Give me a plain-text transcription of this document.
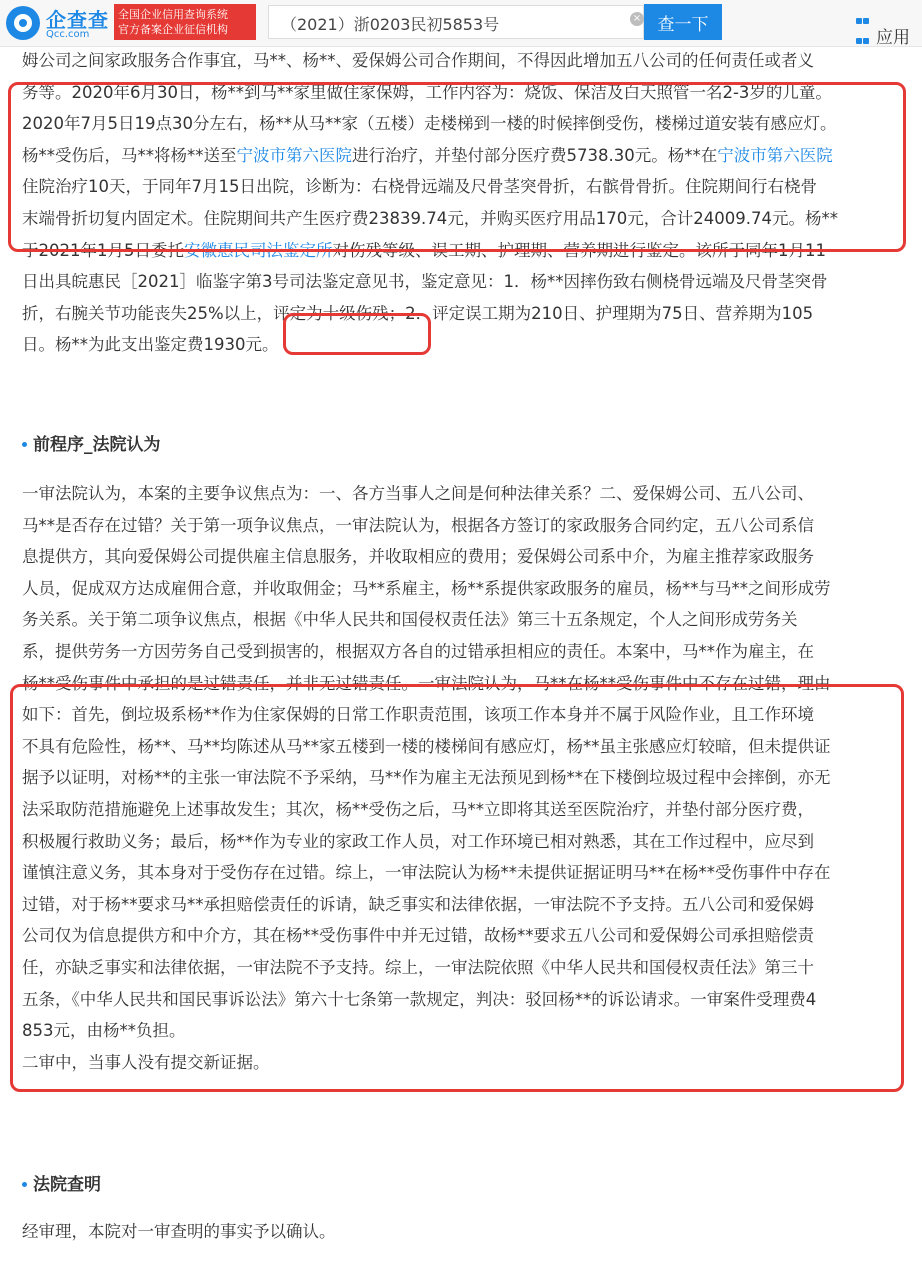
企查查
Qcc.com
全国企业信用查询系统
官方备案企业征信机构
（2021）浙0203民初5853号
× 查一下

应用
姆公司之间家政服务合作事宜，马**、杨**、爱保姆公司合作期间，不得因此增加五八公司的任何责任或者义
务等。2020年6月30日，杨**到马**家里做住家保姆，工作内容为：烧饭、保洁及白天照管一名2-3岁的儿童。
2020年7月5日19点30分左右，杨**从马**家（五楼）走楼梯到一楼的时候摔倒受伤，楼梯过道安装有感应灯。
杨**受伤后，马**将杨**送至宁波市第六医院进行治疗，并垫付部分医疗费5738.30元。杨**在宁波市第六医院
住院治疗10天，于同年7月15日出院，诊断为：右桡骨远端及尺骨茎突骨折，右髌骨骨折。住院期间行右桡骨
末端骨折切复内固定术。住院期间共产生医疗费23839.74元，并购买医疗用品170元，合计24009.74元。杨**
于2021年1月5日委托安徽惠民司法鉴定所对伤残等级、误工期、护理期、营养期进行鉴定。该所于同年1月11
日出具皖惠民［2021］临鉴字第3号司法鉴定意见书，鉴定意见：1．杨**因摔伤致右侧桡骨远端及尺骨茎突骨
折，右腕关节功能丧失25%以上，评定为十级伤残；2．评定误工期为210日、护理期为75日、营养期为105
日。杨**为此支出鉴定费1930元。
前程序_法院认为
一审法院认为，本案的主要争议焦点为：一、各方当事人之间是何种法律关系？二、爱保姆公司、五八公司、
马**是否存在过错？关于第一项争议焦点，一审法院认为，根据各方签订的家政服务合同约定，五八公司系信
息提供方，其向爱保姆公司提供雇主信息服务，并收取相应的费用；爱保姆公司系中介，为雇主推荐家政服务
人员，促成双方达成雇佣合意，并收取佣金；马**系雇主，杨**系提供家政服务的雇员，杨**与马**之间形成劳
务关系。关于第二项争议焦点，根据《中华人民共和国侵权责任法》第三十五条规定，个人之间形成劳务关
系，提供劳务一方因劳务自己受到损害的，根据双方各自的过错承担相应的责任。本案中，马**作为雇主，在
杨**受伤事件中承担的是过错责任，并非无过错责任。一审法院认为，马**在杨**受伤事件中不存在过错，理由
如下：首先，倒垃圾系杨**作为住家保姆的日常工作职责范围，该项工作本身并不属于风险作业，且工作环境
不具有危险性，杨**、马**均陈述从马**家五楼到一楼的楼梯间有感应灯，杨**虽主张感应灯较暗，但未提供证
据予以证明，对杨**的主张一审法院不予采纳，马**作为雇主无法预见到杨**在下楼倒垃圾过程中会摔倒，亦无
法采取防范措施避免上述事故发生；其次，杨**受伤之后，马**立即将其送至医院治疗，并垫付部分医疗费，
积极履行救助义务；最后，杨**作为专业的家政工作人员，对工作环境已相对熟悉，其在工作过程中，应尽到
谨慎注意义务，其本身对于受伤存在过错。综上，一审法院认为杨**未提供证据证明马**在杨**受伤事件中存在
过错，对于杨**要求马**承担赔偿责任的诉请，缺乏事实和法律依据，一审法院不予支持。五八公司和爱保姆
公司仅为信息提供方和中介方，其在杨**受伤事件中并无过错，故杨**要求五八公司和爱保姆公司承担赔偿责
任，亦缺乏事实和法律依据，一审法院不予支持。综上，一审法院依照《中华人民共和国侵权责任法》第三十
五条，《中华人民共和国民事诉讼法》第六十七条第一款规定，判决：驳回杨**的诉讼请求。一审案件受理费4
853元，由杨**负担。
二审中，当事人没有提交新证据。
法院查明
经审理，本院对一审查明的事实予以确认。
